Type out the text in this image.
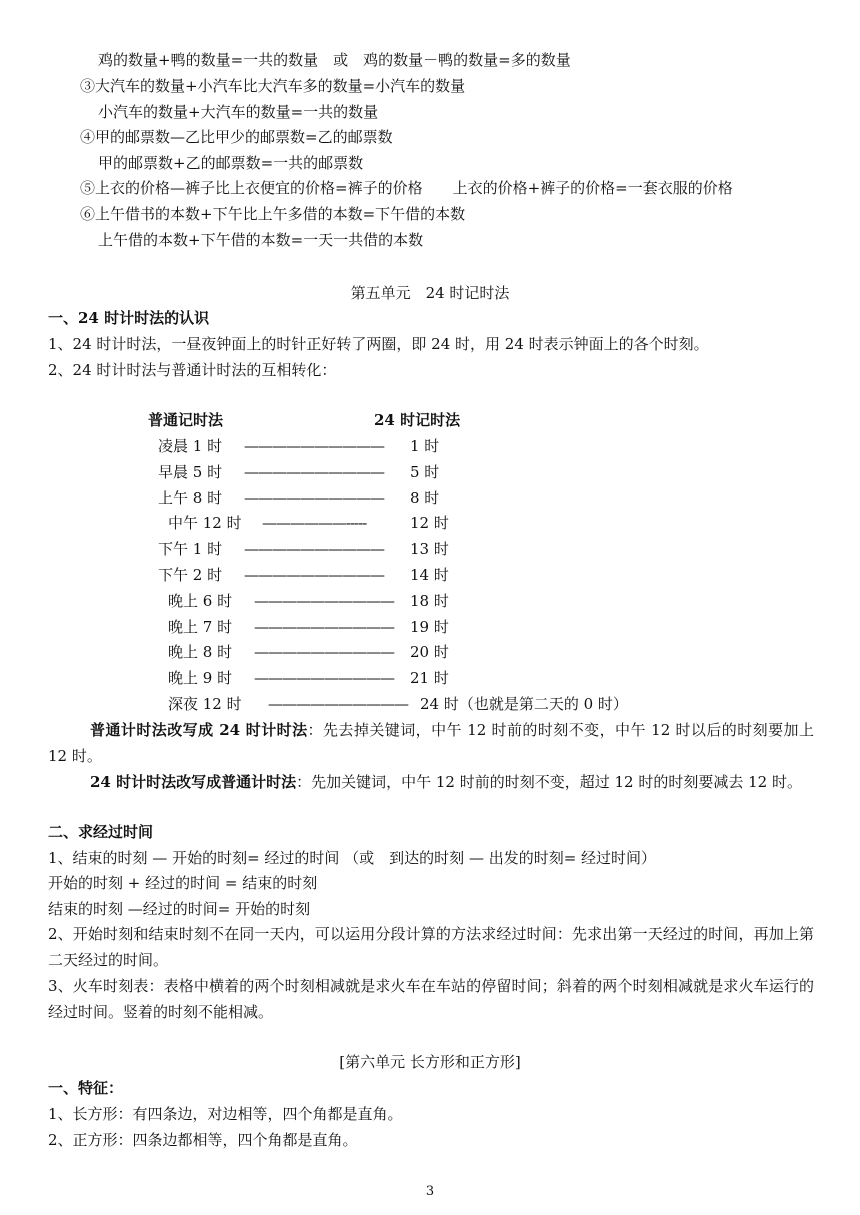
鸡的数量+鸭的数量=一共的数量　或　鸡的数量－鸭的数量=多的数量
③大汽车的数量+小汽车比大汽车多的数量=小汽车的数量
小汽车的数量+大汽车的数量=一共的数量
④甲的邮票数—乙比甲少的邮票数=乙的邮票数
甲的邮票数+乙的邮票数=一共的邮票数
⑤上衣的价格—裤子比上衣便宜的价格=裤子的价格　　上衣的价格+裤子的价格=一套衣服的价格
⑥上午借书的本数+下午比上午多借的本数=下午借的本数
上午借的本数+下午借的本数=一天一共借的本数
第五单元　24 时记时法
一、24 时计时法的认识
1、24 时计时法，一昼夜钟面上的时针正好转了两圈，即 24 时，用 24 时表示钟面上的各个时刻。
2、24 时计时法与普通计时法的互相转化：
普通记时法	24 时记时法
凌晨 1 时 —————————— 1 时
早晨 5 时 —————————— 5 时
上午 8 时 —————————— 8 时
中午 12 时 ——————-----	12 时
下午 1 时 —————————— 13 时
下午 2 时 —————————— 14 时
晚上 6 时 —————————— 18 时
晚上 7 时 —————————— 19 时
晚上 8 时 —————————— 20 时
晚上 9 时 —————————— 21 时
深夜 12 时 —————————— 24 时（也就是第二天的 0 时）
普通计时法改写成 24 时计时法：先去掉关键词，中午 12 时前的时刻不变，中午 12 时以后的时刻要加上 12 时。
24 时计时法改写成普通计时法：先加关键词，中午 12 时前的时刻不变，超过 12 时的时刻要减去 12 时。
二、求经过时间
1、结束的时刻 — 开始的时刻= 经过的时间 （或　到达的时刻 — 出发的时刻= 经过时间）
开始的时刻 + 经过的时间 = 结束的时刻
结束的时刻 —经过的时间= 开始的时刻
2、开始时刻和结束时刻不在同一天内，可以运用分段计算的方法求经过时间：先求出第一天经过的时间，再加上第二天经过的时间。
3、火车时刻表：表格中横着的两个时刻相减就是求火车在车站的停留时间；斜着的两个时刻相减就是求火车运行的经过时间。竖着的时刻不能相减。
[第六单元 长方形和正方形]
一、特征：
1、长方形：有四条边，对边相等，四个角都是直角。
2、正方形：四条边都相等，四个角都是直角。
3
